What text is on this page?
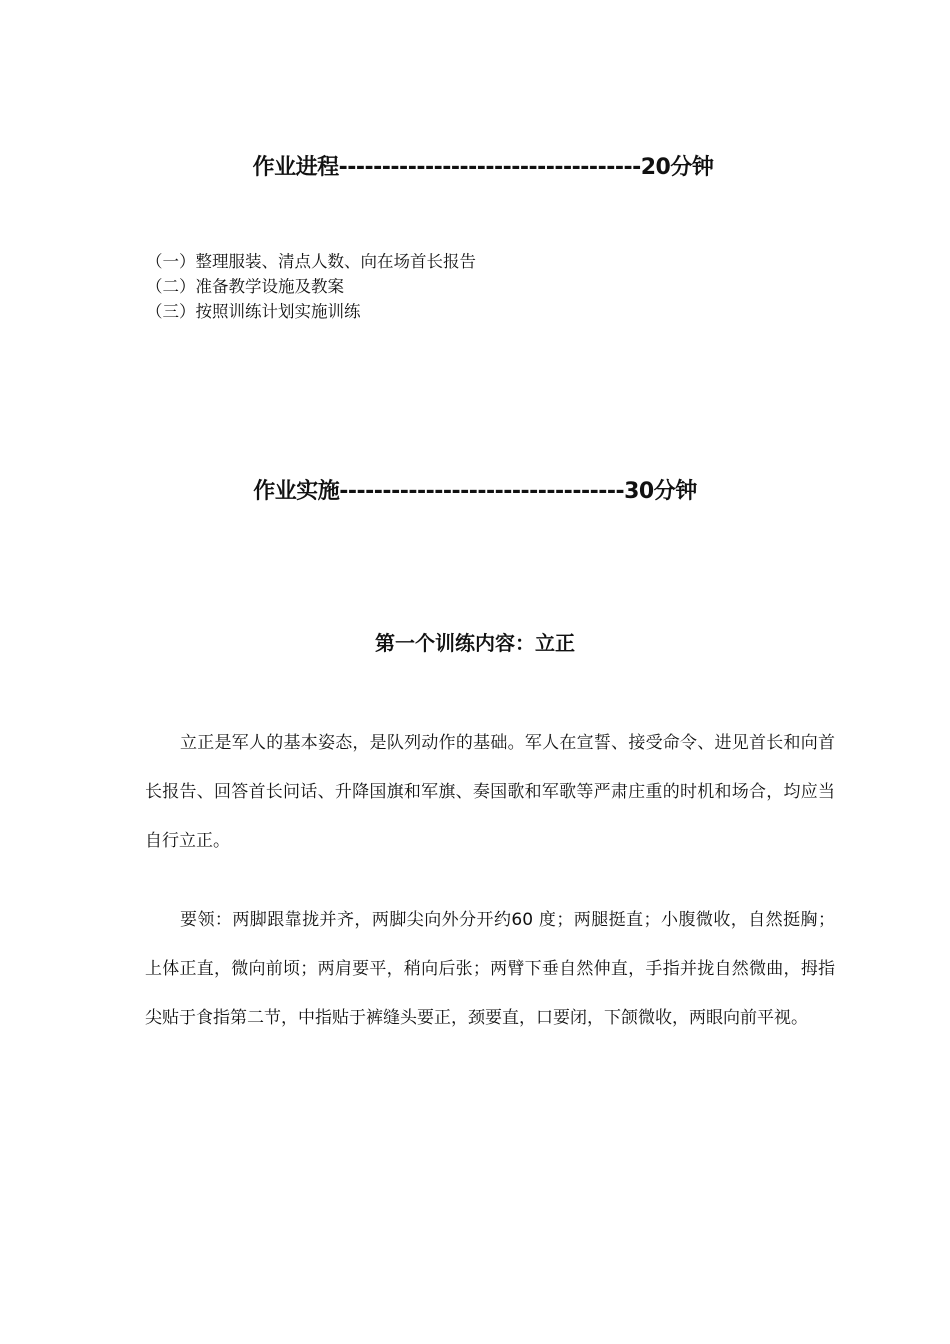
作业进程-----------------------------------20分钟
（一）整理服装、清点人数、向在场首长报告
（二）准备教学设施及教案
（三）按照训练计划实施训练
作业实施---------------------------------30分钟
第一个训练内容：立正
立正是军人的基本姿态，是队列动作的基础。军人在宣誓、接受命令、进见首长和向首长报告、回答首长问话、升降国旗和军旗、奏国歌和军歌等严肃庄重的时机和场合，均应当自行立正。
要领：两脚跟靠拢并齐，两脚尖向外分开约60 度；两腿挺直；小腹微收，自然挺胸；上体正直，微向前顷；两肩要平，稍向后张；两臂下垂自然伸直，手指并拢自然微曲，拇指尖贴于食指第二节，中指贴于裤缝头要正，颈要直，口要闭，下颌微收，两眼向前平视。
